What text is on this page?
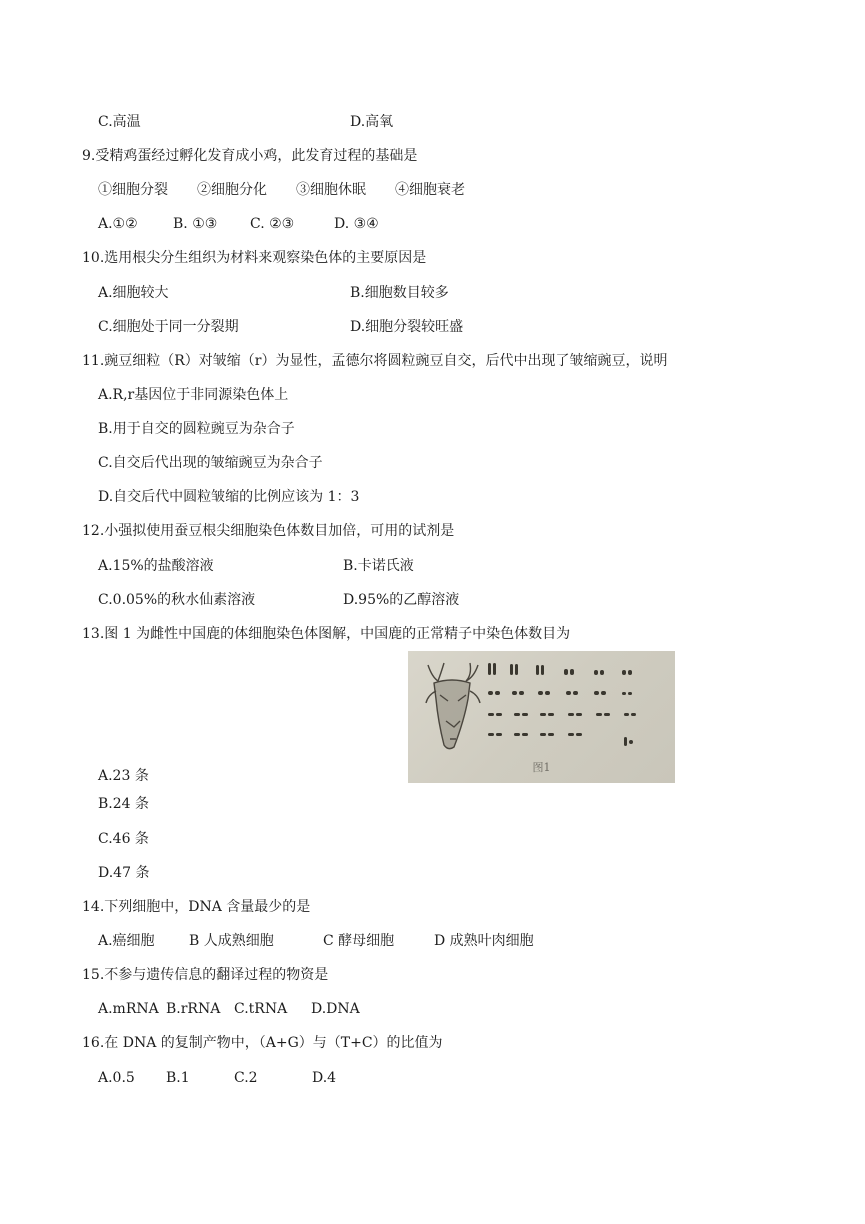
C.高温	D.高氧
9.受精鸡蛋经过孵化发育成小鸡，此发育过程的基础是
①细胞分裂 ②细胞分化 ③细胞休眠 ④细胞衰老
A.①②	B. ①③ C. ②③	D. ③④
10.选用根尖分生组织为材料来观察染色体的主要原因是
A.细胞较大	B.细胞数目较多
C.细胞处于同一分裂期	D.细胞分裂较旺盛
11.豌豆细粒（R）对皱缩（r）为显性，孟德尔将圆粒豌豆自交，后代中出现了皱缩豌豆，说明
A.R,r基因位于非同源染色体上
B.用于自交的圆粒豌豆为杂合子
C.自交后代出现的皱缩豌豆为杂合子
D.自交后代中圆粒皱缩的比例应该为 1：3
12.小强拟使用蚕豆根尖细胞染色体数目加倍，可用的试剂是
A.15%的盐酸溶液	B.卡诺氏液
C.0.05%的秋水仙素溶液	D.95%的乙醇溶液
13.图 1 为雌性中国鹿的体细胞染色体图解，中国鹿的正常精子中染色体数目为
图1
A.23 条
B.24 条
C.46 条
D.47 条
14.下列细胞中，DNA 含量最少的是
A.癌细胞 B 人成熟细胞	C 酵母细胞	D 成熟叶肉细胞
15.不参与遗传信息的翻译过程的物资是
A.mRNA B.rRNA C.tRNA D.DNA
16.在 DNA 的复制产物中，（A+G）与（T+C）的比值为
A.0.5 B.1	C.2	D.4
